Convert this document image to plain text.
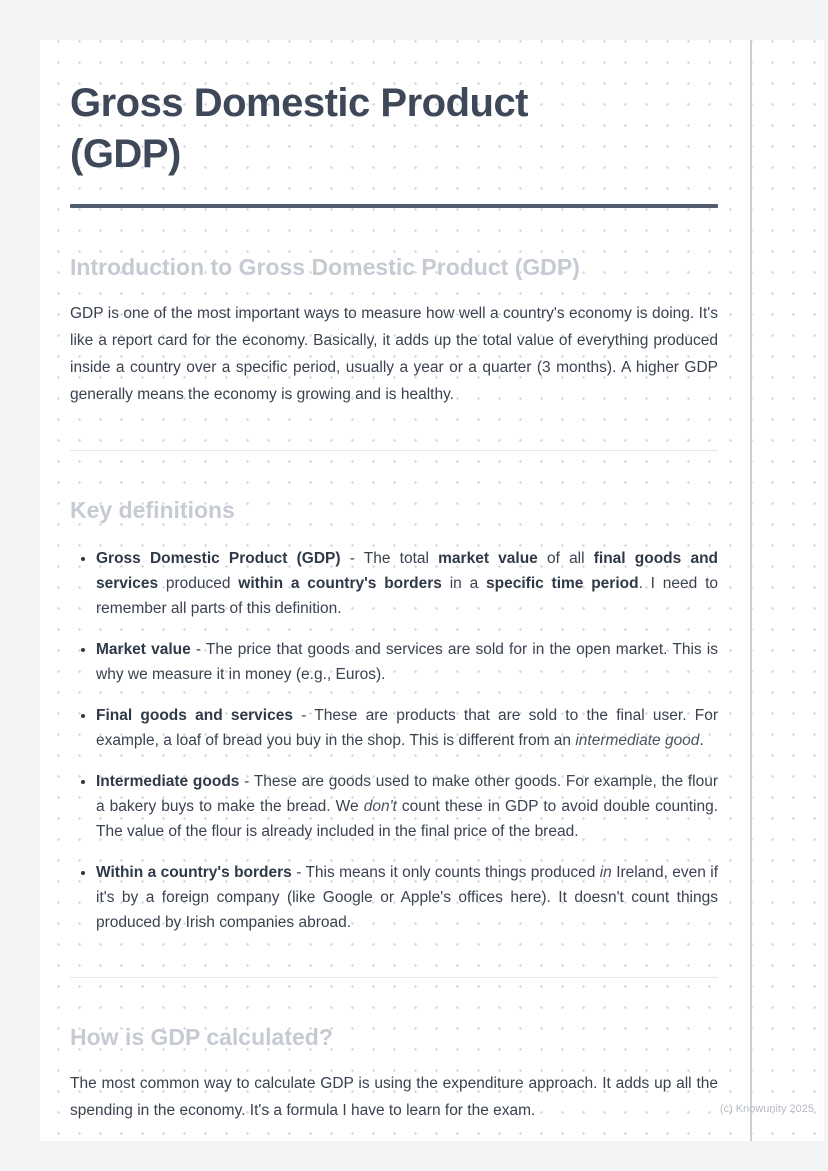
Gross Domestic Product (GDP)
Introduction to Gross Domestic Product (GDP)

GDP is one of the most important ways to measure how well a country's economy is doing. It's like a report card for the economy. Basically, it adds up the total value of everything produced inside a country over a specific period, usually a year or a quarter (3 months). A higher GDP generally means the economy is growing and is healthy.

Key definitions
• Gross Domestic Product (GDP) - The total market value of all final goods and services produced within a country's borders in a specific time period. I need to remember all parts of this definition.
• Market value - The price that goods and services are sold for in the open market. This is why we measure it in money (e.g., Euros).
• Final goods and services - These are products that are sold to the final user. For example, a loaf of bread you buy in the shop. This is different from an intermediate good.
• Intermediate goods - These are goods used to make other goods. For example, the flour a bakery buys to make the bread. We don't count these in GDP to avoid double counting. The value of the flour is already included in the final price of the bread.
• Within a country's borders - This means it only counts things produced in Ireland, even if it's by a foreign company (like Google or Apple's offices here). It doesn't count things produced by Irish companies abroad.
How is GDP calculated?

The most common way to calculate GDP is using the expenditure approach. It adds up all the spending in the economy. It's a formula I have to learn for the exam.	(c) Knowunity 2025
